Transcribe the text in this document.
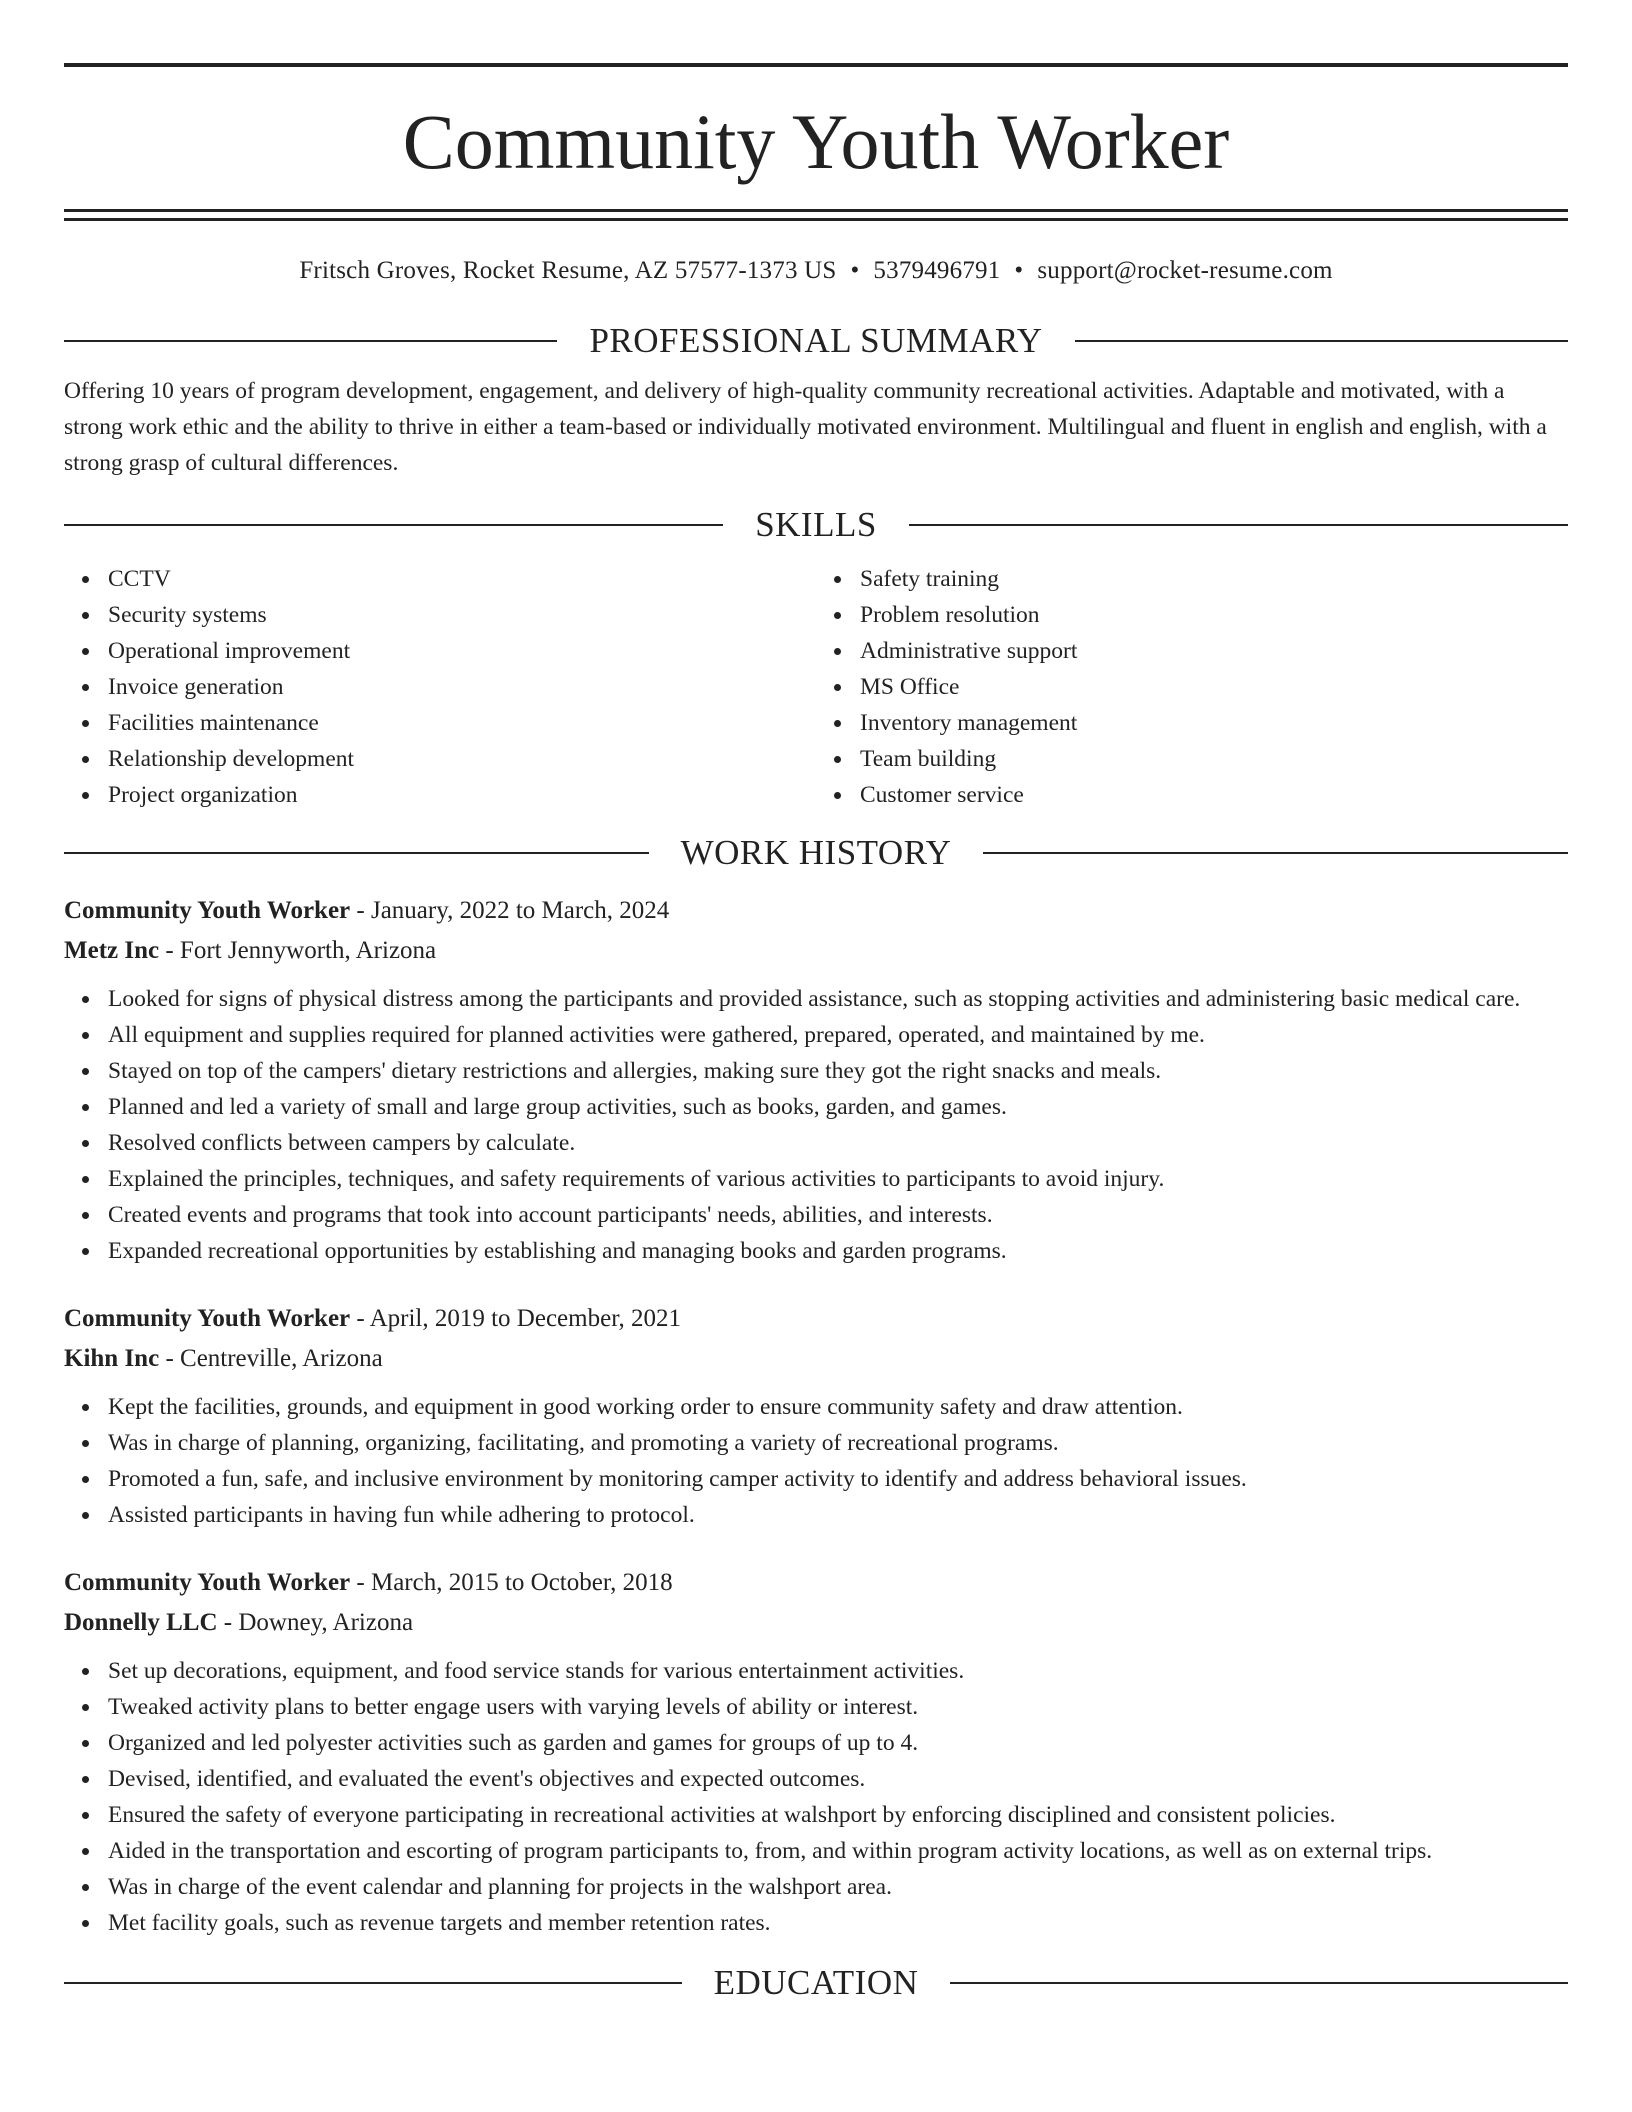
Community Youth Worker
Fritsch Groves, Rocket Resume, AZ 57577-1373 US • 5379496791 • support@rocket-resume.com
PROFESSIONAL SUMMARY
Offering 10 years of program development, engagement, and delivery of high-quality community recreational activities. Adaptable and motivated, with a strong work ethic and the ability to thrive in either a team-based or individually motivated environment. Multilingual and fluent in english and english, with a strong grasp of cultural differences.
SKILLS
CCTV
Security systems
Operational improvement
Invoice generation
Facilities maintenance
Relationship development
Project organization
Safety training
Problem resolution
Administrative support
MS Office
Inventory management
Team building
Customer service
WORK HISTORY
Community Youth Worker - January, 2022 to March, 2024
Metz Inc - Fort Jennyworth, Arizona
Looked for signs of physical distress among the participants and provided assistance, such as stopping activities and administering basic medical care.
All equipment and supplies required for planned activities were gathered, prepared, operated, and maintained by me.
Stayed on top of the campers' dietary restrictions and allergies, making sure they got the right snacks and meals.
Planned and led a variety of small and large group activities, such as books, garden, and games.
Resolved conflicts between campers by calculate.
Explained the principles, techniques, and safety requirements of various activities to participants to avoid injury.
Created events and programs that took into account participants' needs, abilities, and interests.
Expanded recreational opportunities by establishing and managing books and garden programs.
Community Youth Worker - April, 2019 to December, 2021
Kihn Inc - Centreville, Arizona
Kept the facilities, grounds, and equipment in good working order to ensure community safety and draw attention.
Was in charge of planning, organizing, facilitating, and promoting a variety of recreational programs.
Promoted a fun, safe, and inclusive environment by monitoring camper activity to identify and address behavioral issues.
Assisted participants in having fun while adhering to protocol.
Community Youth Worker - March, 2015 to October, 2018
Donnelly LLC - Downey, Arizona
Set up decorations, equipment, and food service stands for various entertainment activities.
Tweaked activity plans to better engage users with varying levels of ability or interest.
Organized and led polyester activities such as garden and games for groups of up to 4.
Devised, identified, and evaluated the event's objectives and expected outcomes.
Ensured the safety of everyone participating in recreational activities at walshport by enforcing disciplined and consistent policies.
Aided in the transportation and escorting of program participants to, from, and within program activity locations, as well as on external trips.
Was in charge of the event calendar and planning for projects in the walshport area.
Met facility goals, such as revenue targets and member retention rates.
EDUCATION
